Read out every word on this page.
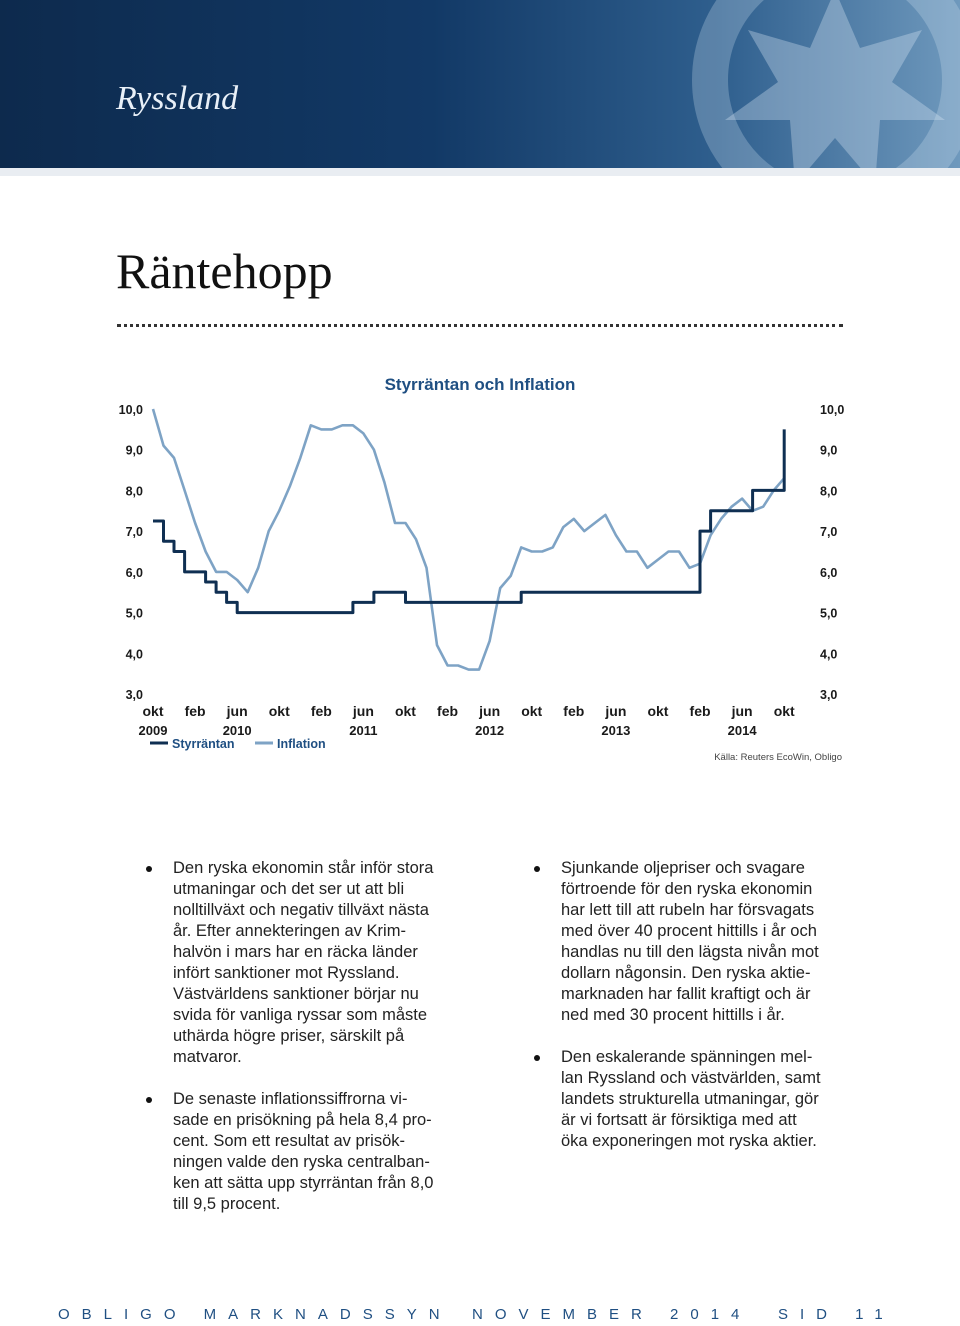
Ryssland
Räntehopp
Styrräntan och Inflation
10,0	10,0
9,0	9,0
8,0	8,0
7,0	7,0
6,0	6,0
5,0	5,0
4,0	4,0
3,0	3,0
okt feb jun okt feb jun okt feb jun okt feb jun okt feb jun okt
2009	2010	2011	2012	2013	2014
Styrräntan	Inflation
Källa: Reuters EcoWin, Obligo
Den ryska ekonomin står inför stora
utmaningar och det ser ut att bli
nolltillväxt och negativ tillväxt nästa
år. Efter annekteringen av Krim-
halvön i mars har en räcka länder
infört sanktioner mot Ryssland.
Västvärldens sanktioner börjar nu
svida för vanliga ryssar som måste
uthärda högre priser, särskilt på
matvaror.
De senaste inflationssiffrorna vi-
sade en prisökning på hela 8,4 pro-
cent. Som ett resultat av prisök-
ningen valde den ryska centralban-
ken att sätta upp styrräntan från 8,0
till 9,5 procent.
Sjunkande oljepriser och svagare
förtroende för den ryska ekonomin
har lett till att rubeln har försvagats
med över 40 procent hittills i år och
handlas nu till den lägsta nivån mot
dollarn någonsin. Den ryska aktie-
marknaden har fallit kraftigt och är
ned med 30 procent hittills i år.
Den eskalerande spänningen mel-
lan Ryssland och västvärlden, samt
landets strukturella utmaningar, gör
är vi fortsatt är försiktiga med att
öka exponeringen mot ryska aktier.
OBLIGO MARKNADSSYN NOVEMBER 2014 SID 11
